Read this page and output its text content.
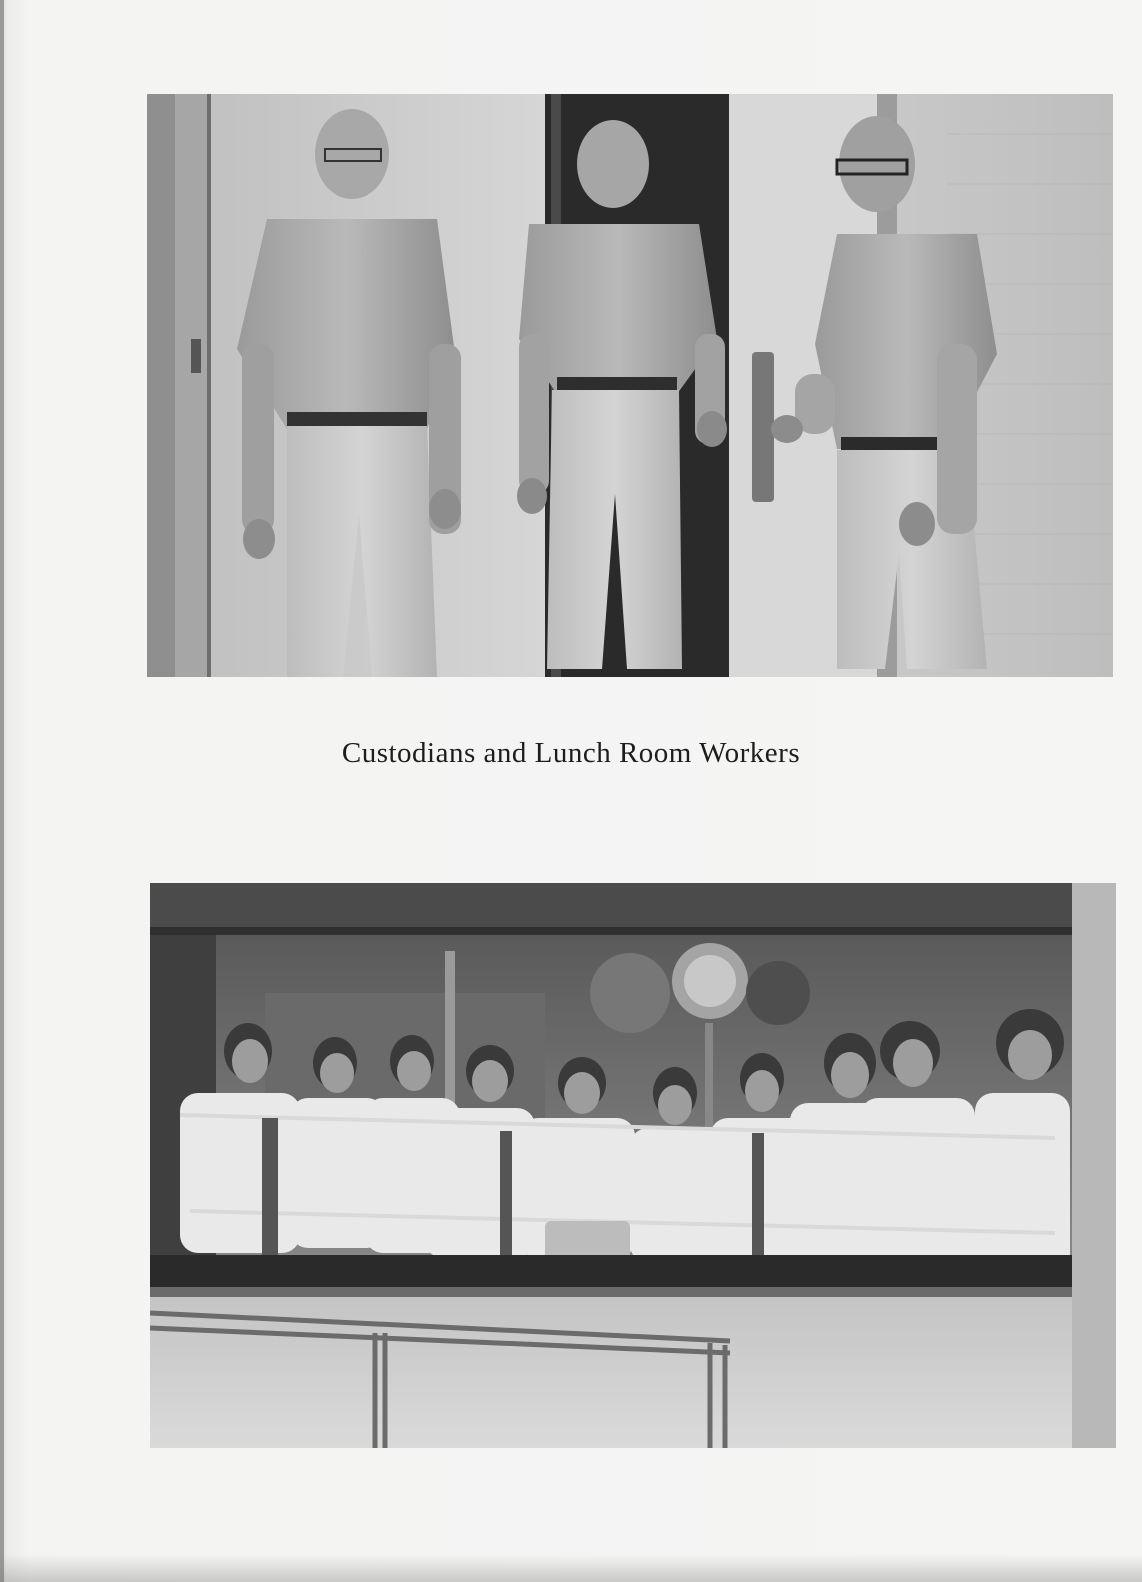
Custodians and Lunch Room Workers
